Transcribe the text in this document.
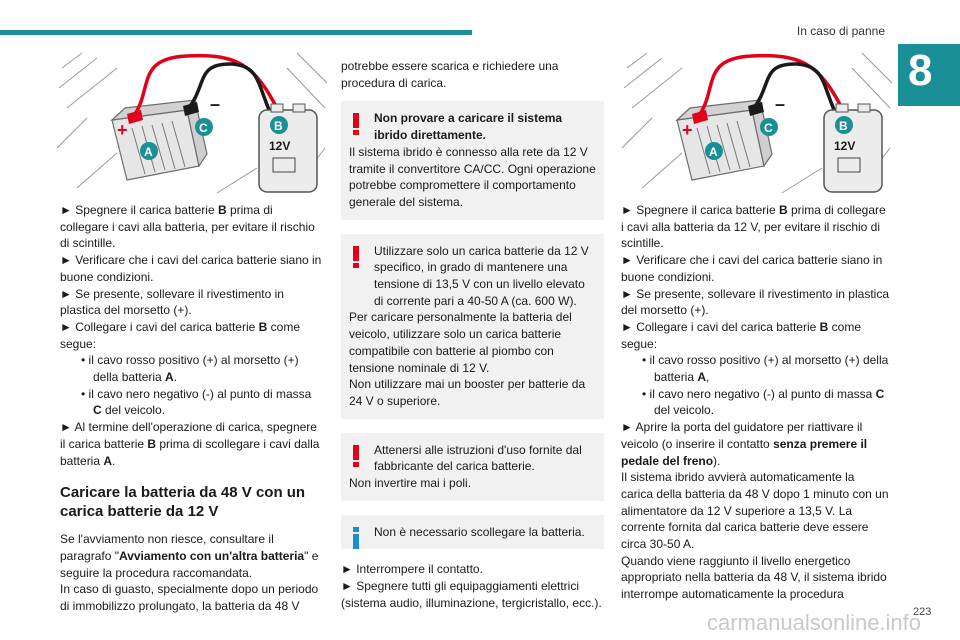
In caso di panne
8
+
–
12V
A
B
C	+
–
12V
A
B
C

► Spegnere il carica batterie B prima di collegare i cavi alla batteria, per evitare il rischio di scintille.

► Verificare che i cavi del carica batterie siano in buone condizioni.

► Se presente, sollevare il rivestimento in plastica del morsetto (+).

► Collegare i cavi del carica batterie B come segue:

• il cavo rosso positivo (+) al morsetto (+) della batteria A.

• il cavo nero negativo (-) al punto di massa C del veicolo.

► Al termine dell'operazione di carica, spegnere il carica batterie B prima di scollegare i cavi dalla batteria A.

Caricare la batteria da 48 V con un carica batterie da 12 V

Se l'avviamento non riesce, consultare il paragrafo "Avviamento con un'altra batteria" e seguire la procedura raccomandata.

In caso di guasto, specialmente dopo un periodo di immobilizzo prolungato, la batteria da 48 V

potrebbe essere scarica e richiedere una procedura di carica.

Non provare a caricare il sistema ibrido direttamente.

Il sistema ibrido è connesso alla rete da 12 V tramite il convertitore CA/CC. Ogni operazione potrebbe compromettere il comportamento generale del sistema.

Utilizzare solo un carica batterie da 12 V specifico, in grado di mantenere una tensione di 13,5 V con un livello elevato di corrente pari a 40-50 A (ca. 600 W).

Per caricare personalmente la batteria del veicolo, utilizzare solo un carica batterie compatibile con batterie al piombo con tensione nominale di 12 V.

Non utilizzare mai un booster per batterie da 24 V o superiore.

Attenersi alle istruzioni d'uso fornite dal fabbricante del carica batterie.

Non invertire mai i poli.

Non è necessario scollegare la batteria.

► Interrompere il contatto.

► Spegnere tutti gli equipaggiamenti elettrici (sistema audio, illuminazione, tergicristallo, ecc.).

► Spegnere il carica batterie B prima di collegare i cavi alla batteria da 12 V, per evitare il rischio di scintille.

► Verificare che i cavi del carica batterie siano in buone condizioni.

► Se presente, sollevare il rivestimento in plastica del morsetto (+).

► Collegare i cavi del carica batterie B come segue:

• il cavo rosso positivo (+) al morsetto (+) della batteria A,

• il cavo nero negativo (-) al punto di massa C del veicolo.

► Aprire la porta del guidatore per riattivare il veicolo (o inserire il contatto senza premere il pedale del freno).

Il sistema ibrido avvierà automaticamente la carica della batteria da 48 V dopo 1 minuto con un alimentatore da 12 V superiore a 13,5 V. La corrente fornita dal carica batterie deve essere circa 30-50 A.

Quando viene raggiunto il livello energetico appropriato nella batteria da 48 V, il sistema ibrido interrompe automaticamente la procedura

carmanualsonline.info
223
